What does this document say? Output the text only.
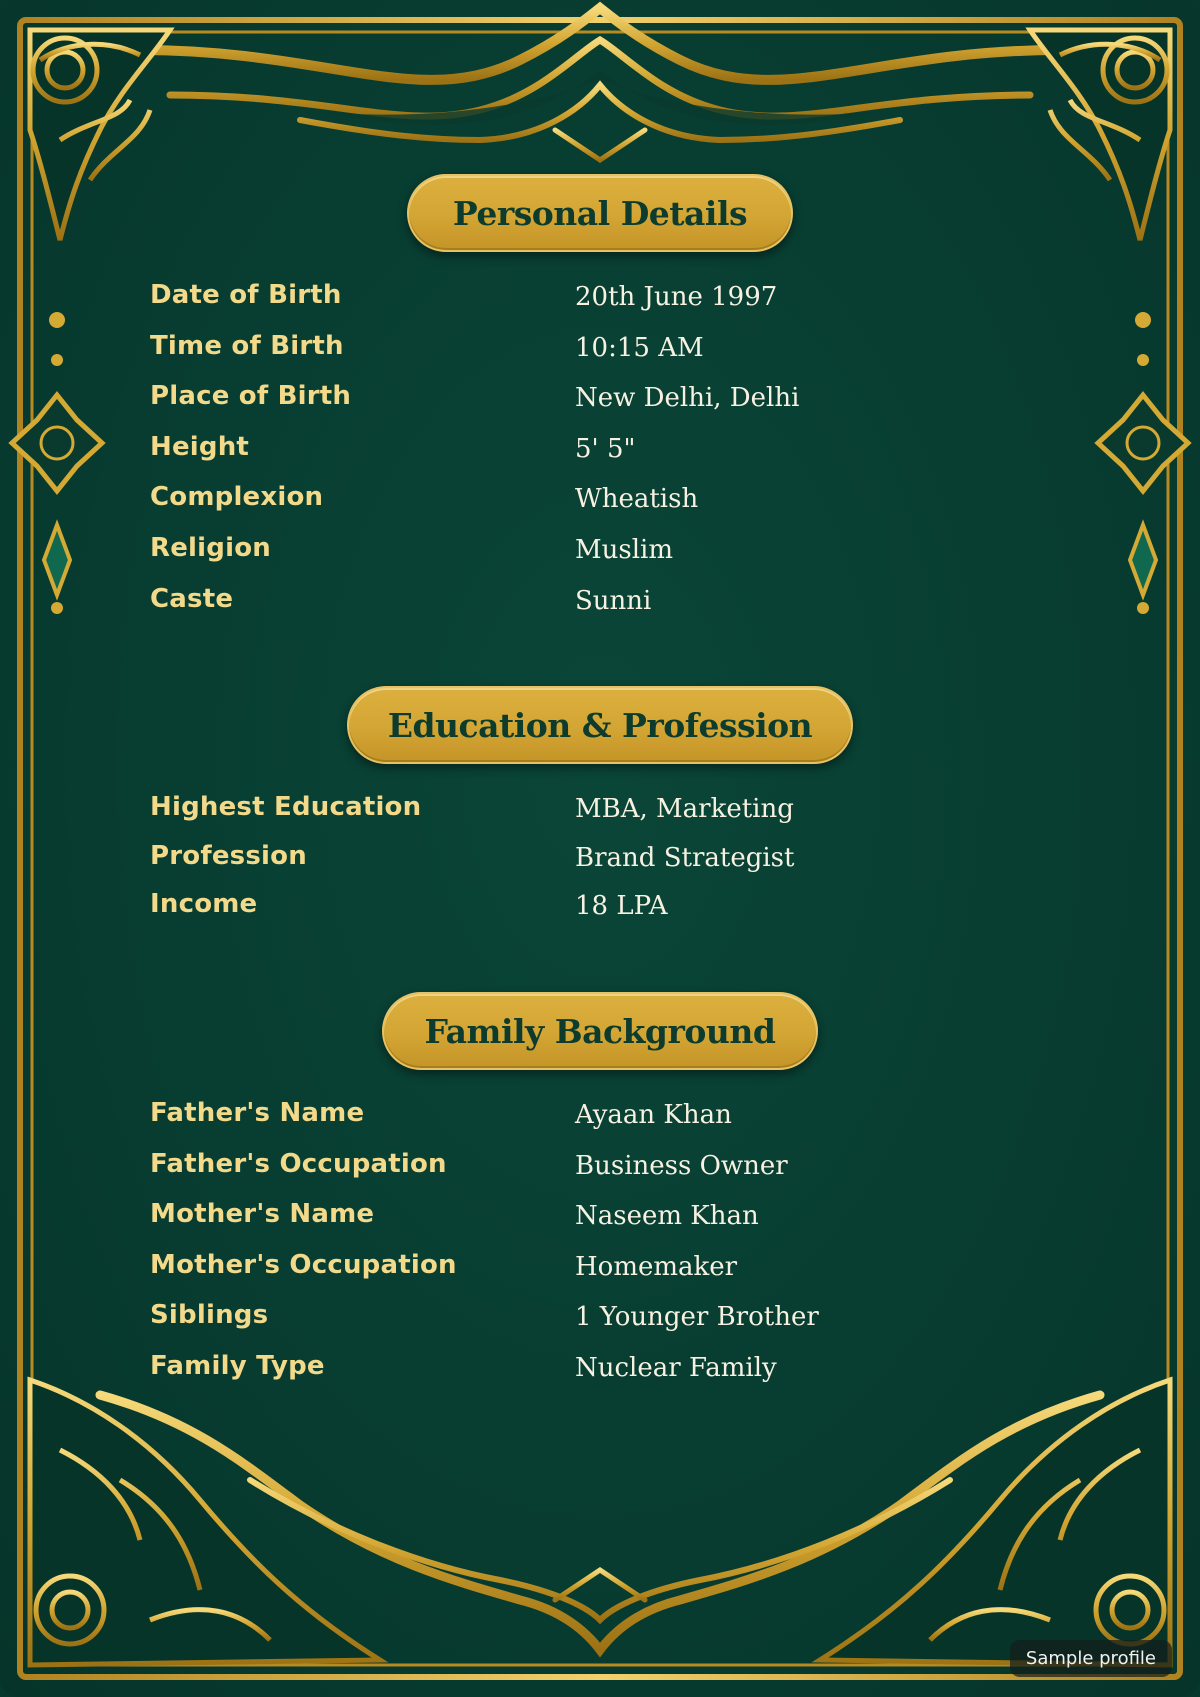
Personal Details
Date of Birth	20th June 1997
Time of Birth	10:15 AM
Place of Birth	New Delhi, Delhi
Height	5' 5"
Complexion	Wheatish
Religion	Muslim
Caste	Sunni
Education & Profession
Highest Education	MBA, Marketing
Profession	Brand Strategist
Income	18 LPA
Family Background
Father's Name	Ayaan Khan
Father's Occupation	Business Owner
Mother's Name	Naseem Khan
Mother's Occupation	Homemaker
Siblings	1 Younger Brother
Family Type	Nuclear Family
Sample profile
